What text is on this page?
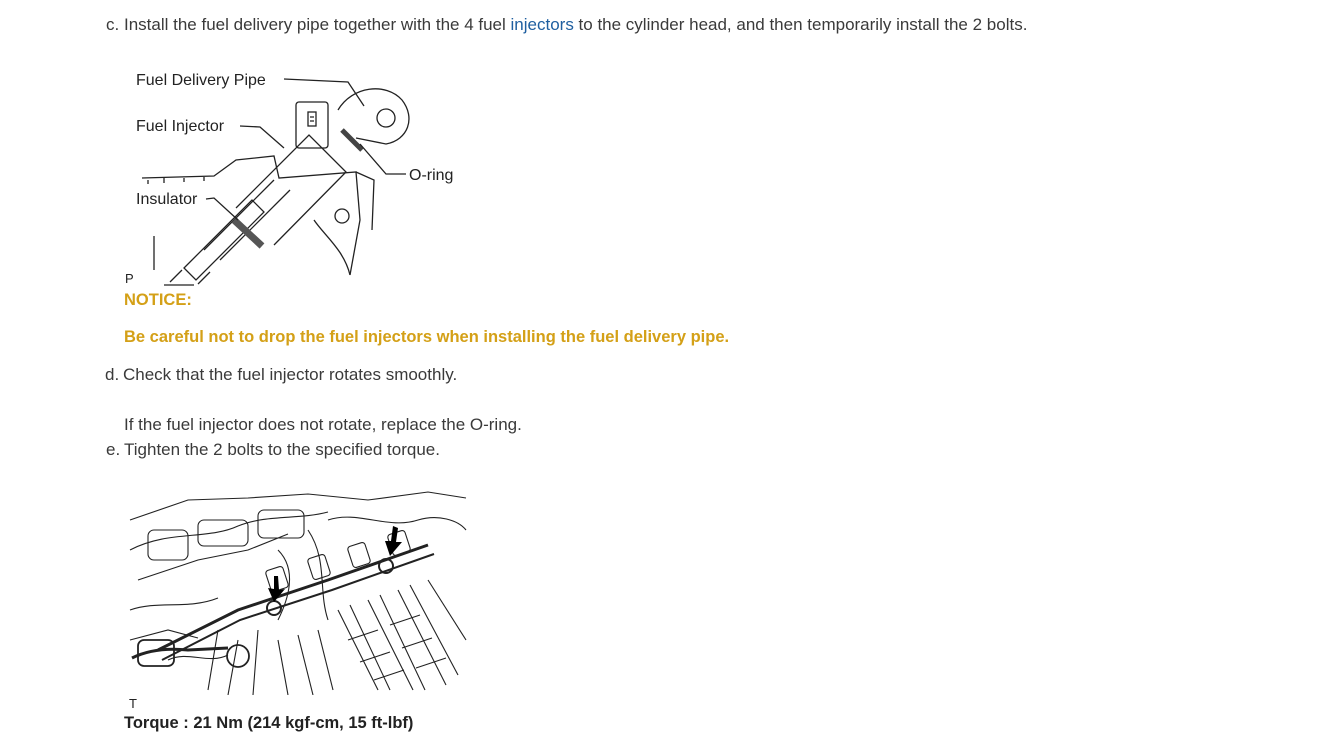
c. Install the fuel delivery pipe together with the 4 fuel injectors to the cylinder head, and then temporarily install the 2 bolts.
Fuel Delivery Pipe
Fuel Injector
Insulator
O-ring
P
NOTICE:
Be careful not to drop the fuel injectors when installing the fuel delivery pipe.
d. Check that the fuel injector rotates smoothly.
If the fuel injector does not rotate, replace the O-ring.
e. Tighten the 2 bolts to the specified torque.
T
Torque : 21 Nm (214 kgf-cm, 15 ft-lbf)
